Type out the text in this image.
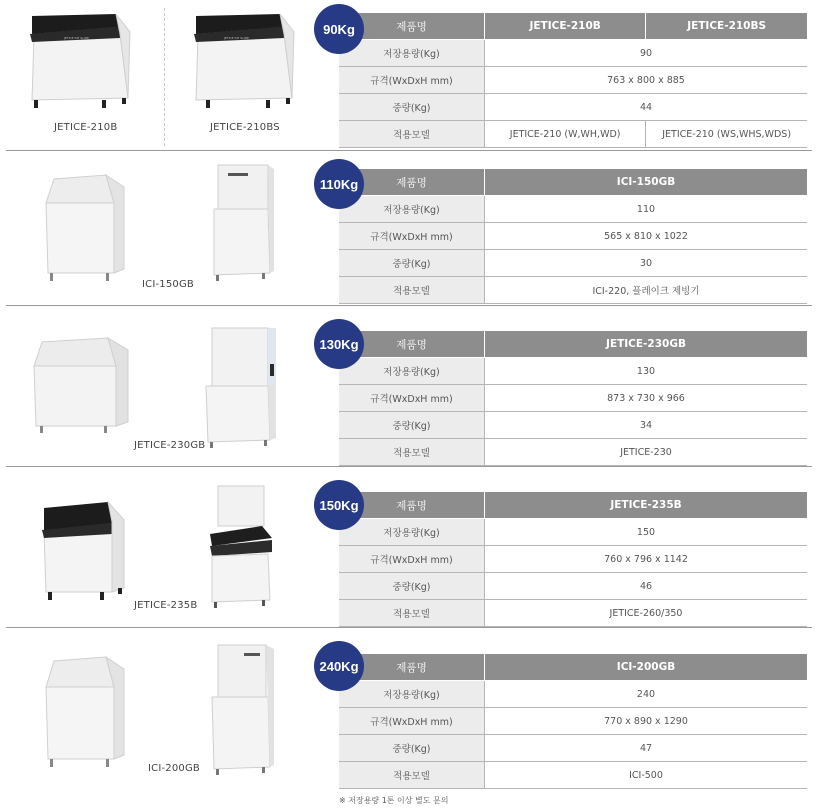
JETICE ICE SLIDE
JETICE-210B
JETICE ICE SLIDE
JETICE-210BS
90Kg	제품명	JETICE-210B	JETICE-210BS
저장용량(Kg)	90	
규격(WxDxH mm)	763 x 800 x 885	
중량(Kg)	44	
적용모델	JETICE-210 (W,WH,WD)	JETICE-210 (WS,WHS,WDS)
ICI-150GB
110Kg	제품명	ICI-150GB
저장용량(Kg)	110
규격(WxDxH mm)	565 x 810 x 1022
중량(Kg)	30
적용모델	ICI-220, 플레이크 제빙기
JETICE-230GB
130Kg	제품명	JETICE-230GB
저장용량(Kg)	130
규격(WxDxH mm)	873 x 730 x 966
중량(Kg)	34
적용모델	JETICE-230
JETICE-235B
150Kg	제품명	JETICE-235B
저장용량(Kg)	150
규격(WxDxH mm)	760 x 796 x 1142
중량(Kg)	46
적용모델	JETICE-260/350
ICI-200GB
240Kg	제품명	ICI-200GB
저장용량(Kg)	240
규격(WxDxH mm)	770 x 890 x 1290
중량(Kg)	47
적용모델	ICI-500
※ 저장용량 1톤 이상 별도 문의
